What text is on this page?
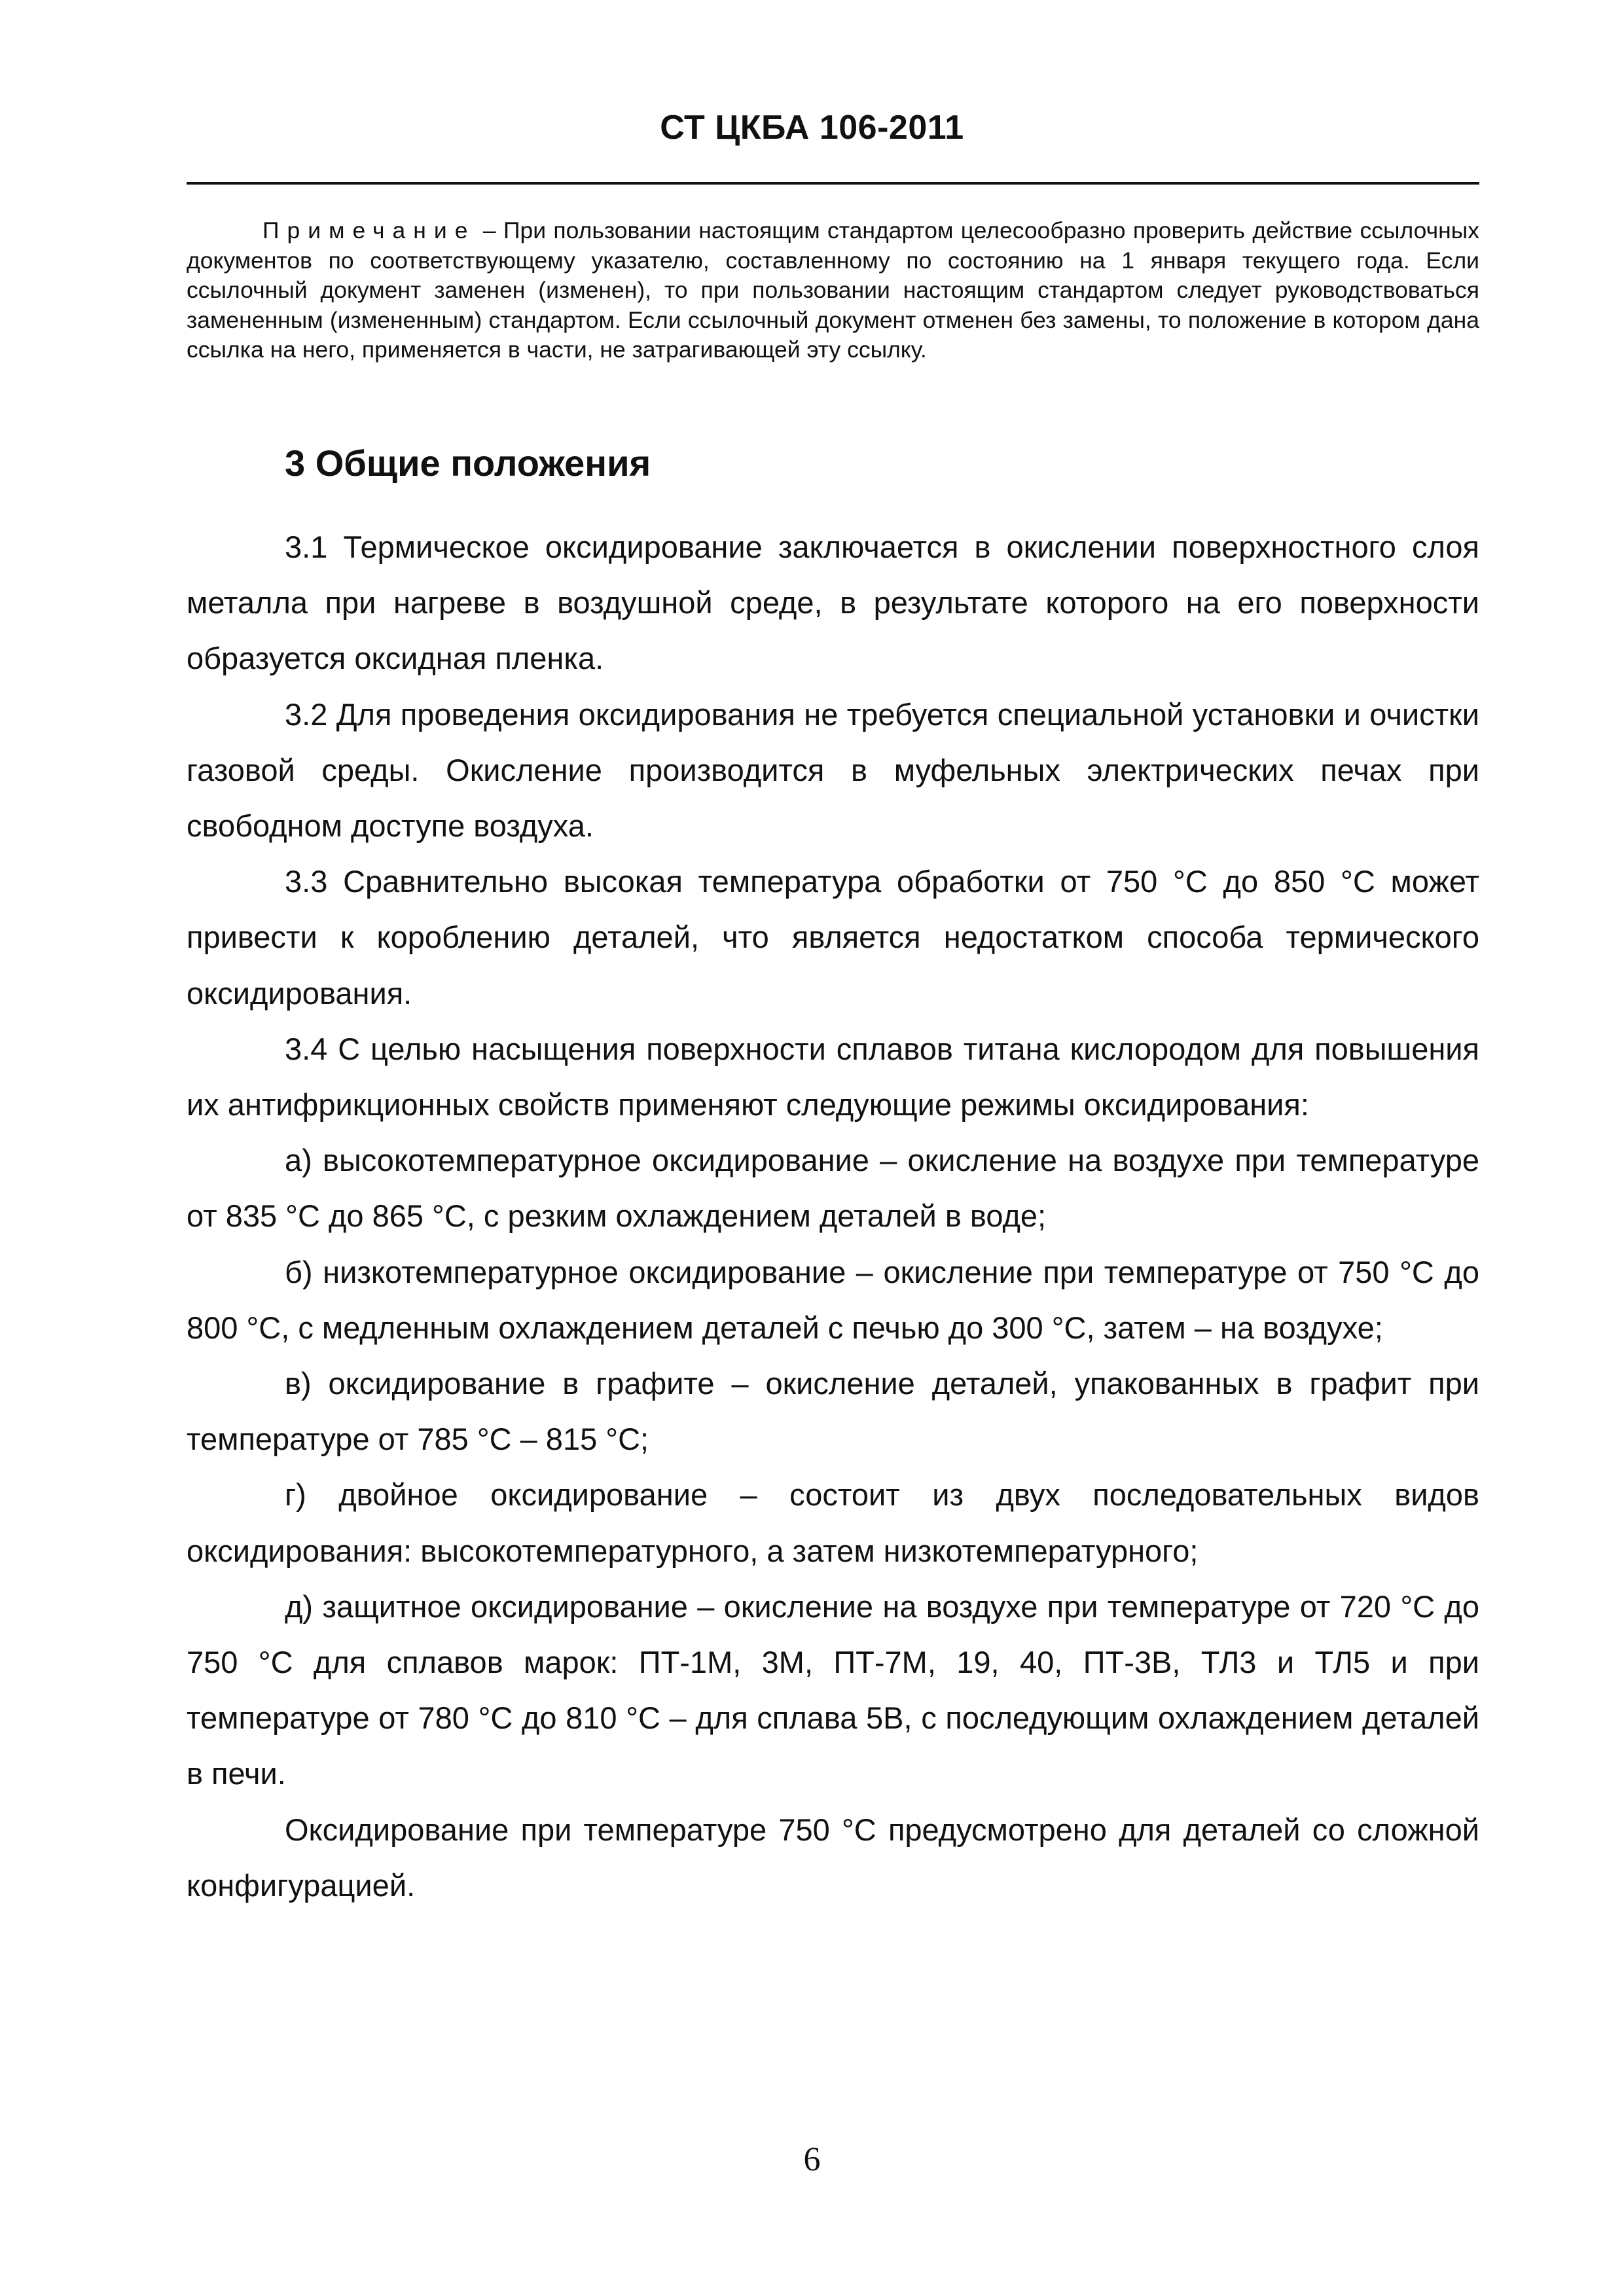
СТ ЦКБА 106-2011

Примечание – При пользовании настоящим стандартом целесообразно проверить действие ссылочных документов по соответствующему указателю, составленному по состоянию на 1 января текущего года. Если ссылочный документ заменен (изменен), то при пользовании настоящим стандартом следует руководствоваться замененным (измененным) стандартом. Если ссылочный документ отменен без замены, то положение в котором дана ссылка на него, применяется в части, не затрагивающей эту ссылку.

3 Общие положения

3.1 Термическое оксидирование заключается в окислении поверхностного слоя металла при нагреве в воздушной среде, в результате которого на его поверхности образуется оксидная пленка.

3.2 Для проведения оксидирования не требуется специальной установки и очистки газовой среды. Окисление производится в муфельных электрических печах при свободном доступе воздуха.

3.3 Сравнительно высокая температура обработки от 750 °С до 850 °С может привести к короблению деталей, что является недостатком способа термического оксидирования.

3.4 С целью насыщения поверхности сплавов титана кислородом для повышения их антифрикционных свойств применяют следующие режимы оксидирования:

а) высокотемпературное оксидирование – окисление на воздухе при температуре от 835 °С до 865 °С, с резким охлаждением деталей в воде;

б) низкотемпературное оксидирование – окисление при температуре от 750 °С до 800 °С, с медленным охлаждением деталей с печью до 300 °С, затем – на воздухе;

в) оксидирование в графите – окисление деталей, упакованных в графит при температуре от 785 °С – 815 °С;

г) двойное оксидирование – состоит из двух последовательных видов оксидирования: высокотемпературного, а затем низкотемпературного;

д) защитное оксидирование – окисление на воздухе при температуре от 720 °С до 750 °С для сплавов марок: ПТ-1М, 3М, ПТ-7М, 19, 40, ПТ-3В, ТЛ3 и ТЛ5 и при температуре от 780 °С до 810 °С – для сплава 5В, с последующим охлаждением деталей в печи.

Оксидирование при температуре 750 °С предусмотрено для деталей со сложной конфигурацией.

6
